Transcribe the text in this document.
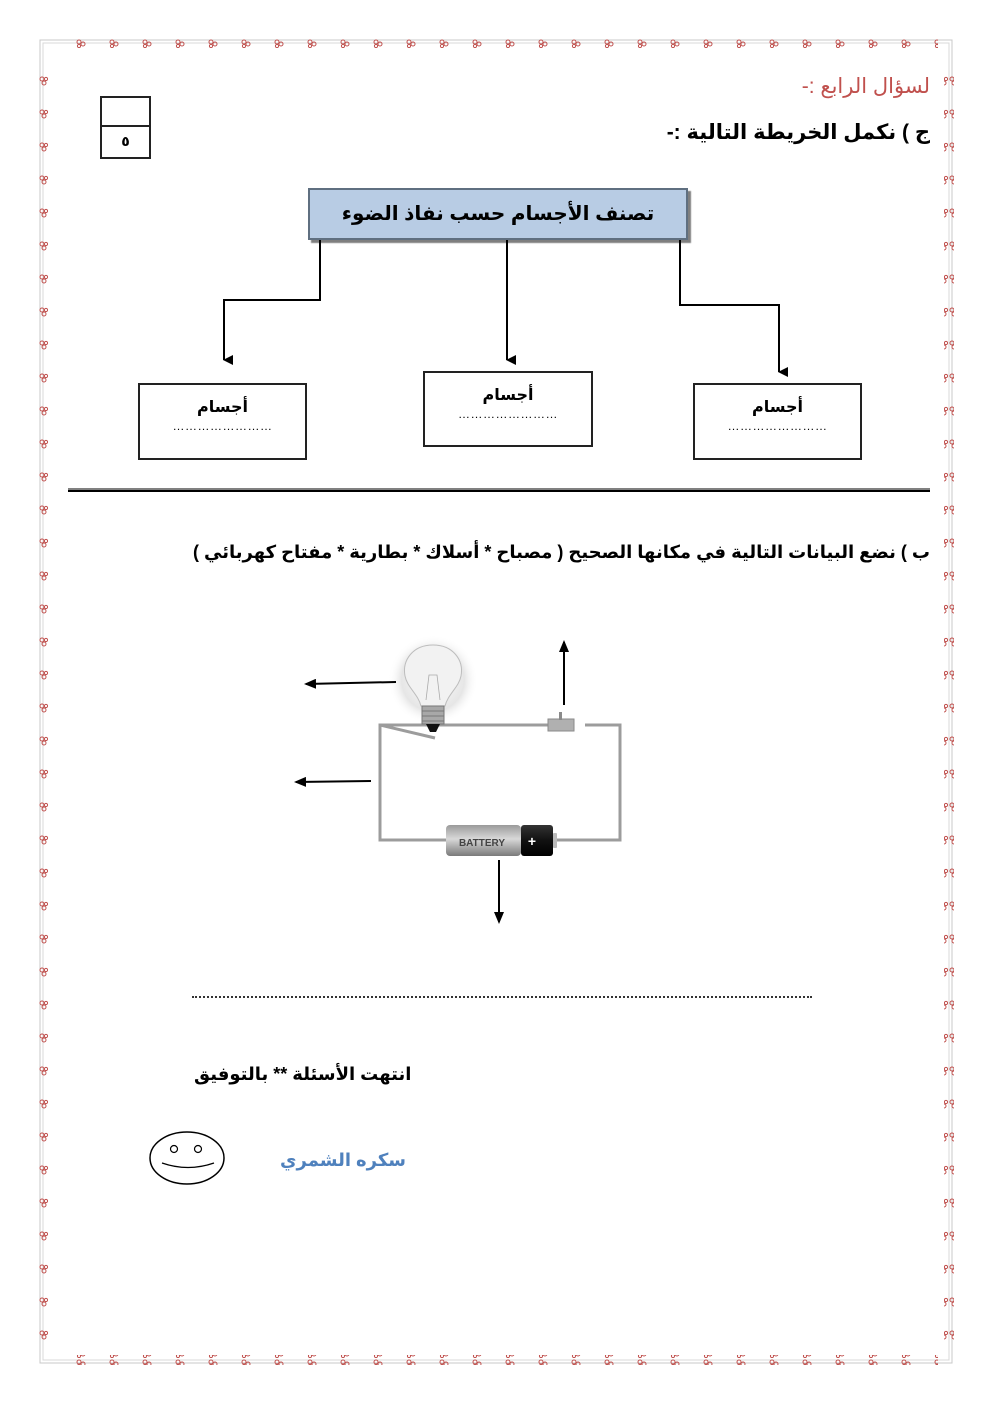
لسؤال الرابع :-
ج ) نكمل الخريطة التالية :-
٥
تصنف الأجسام حسب نفاذ الضوء
أجسام
……………………
أجسام
……………………	أجسام
……………………
ب ) نضع البيانات التالية في مكانها الصحيح ( مصباح * أسلاك * بطارية * مفتاح كهربائي )
BATTERY +
انتهت الأسئلة ** بالتوفيق
سكره الشمري
